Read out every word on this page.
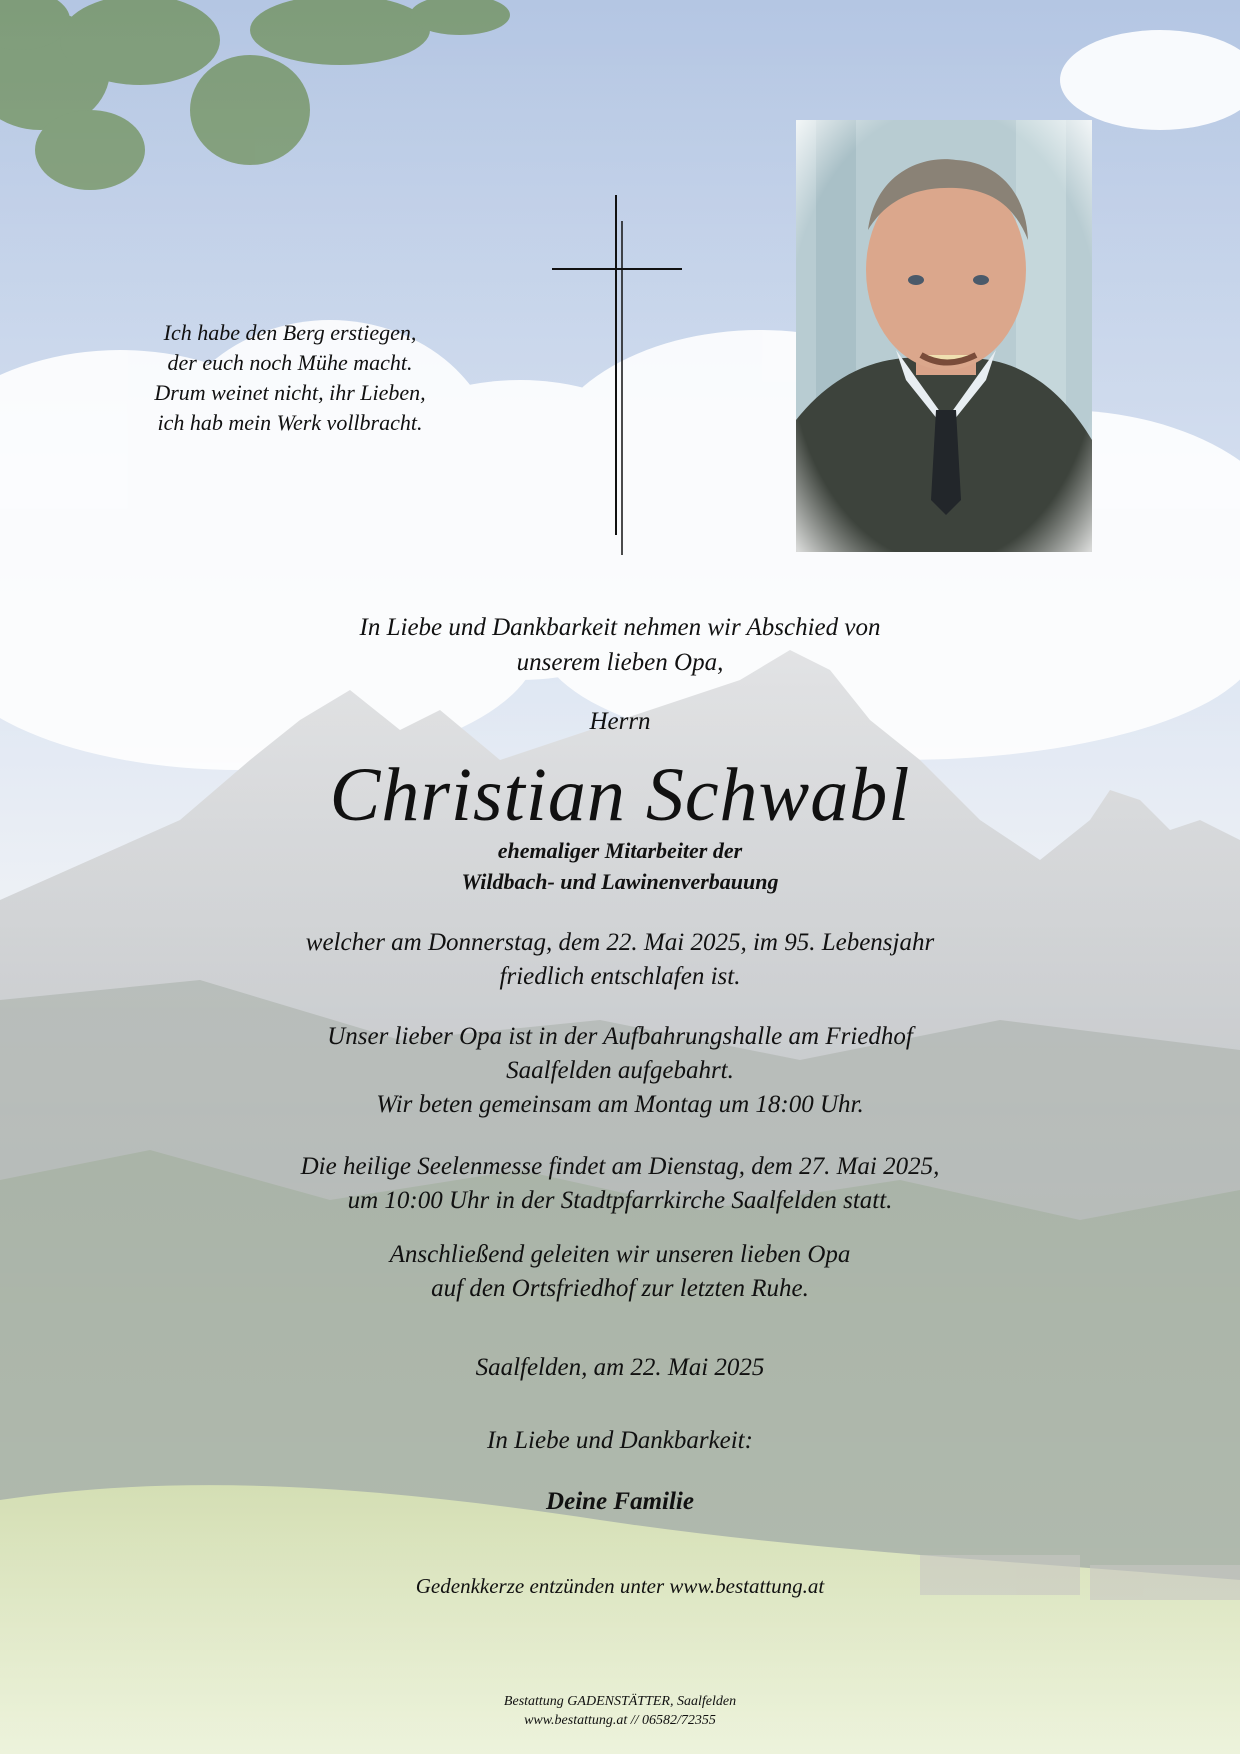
Ich habe den Berg erstiegen,
der euch noch Mühe macht.
Drum weinet nicht, ihr Lieben,
ich hab mein Werk vollbracht.
In Liebe und Dankbarkeit nehmen wir Abschied von
unserem lieben Opa,
Herrn
Christian Schwabl
ehemaliger Mitarbeiter der
Wildbach- und Lawinenverbauung
welcher am Donnerstag, dem 22. Mai 2025, im 95. Lebensjahr
friedlich entschlafen ist.
Unser lieber Opa ist in der Aufbahrungshalle am Friedhof
Saalfelden aufgebahrt.
Wir beten gemeinsam am Montag um 18:00 Uhr.
Die heilige Seelenmesse findet am Dienstag, dem 27. Mai 2025,
um 10:00 Uhr in der Stadtpfarrkirche Saalfelden statt.
Anschließend geleiten wir unseren lieben Opa
auf den Ortsfriedhof zur letzten Ruhe.
Saalfelden, am 22. Mai 2025
In Liebe und Dankbarkeit:
Deine Familie
Gedenkkerze entzünden unter www.bestattung.at
Bestattung GADENSTÄTTER, Saalfelden
www.bestattung.at // 06582/72355
